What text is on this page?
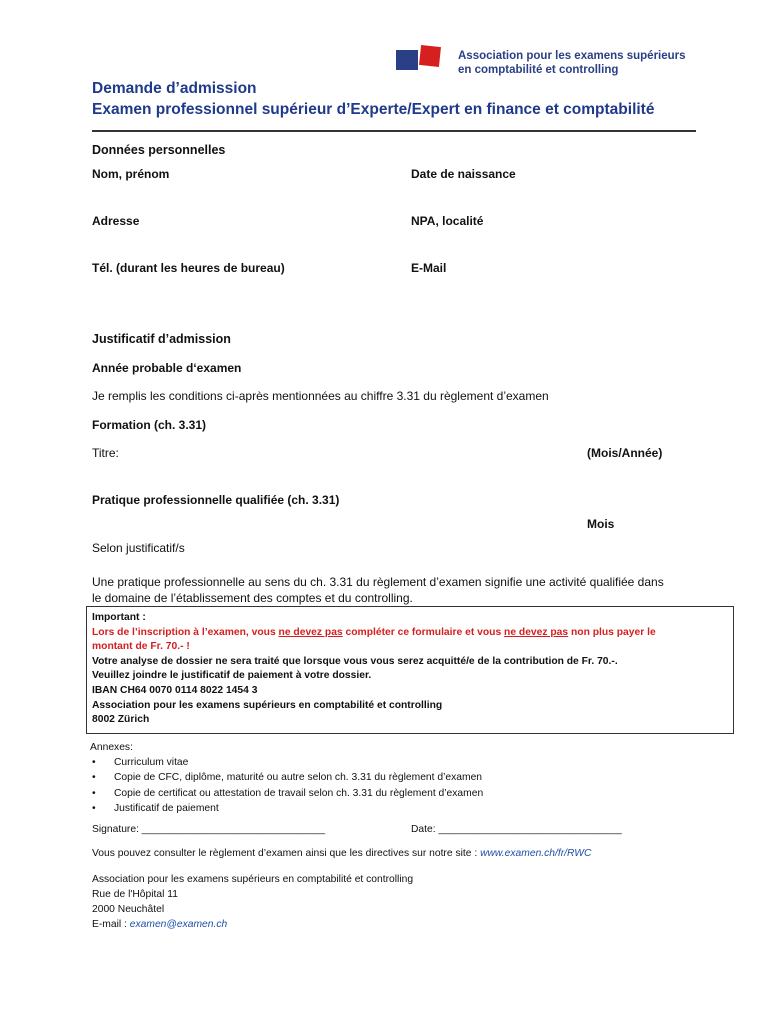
Association pour les examens supérieurs
en comptabilité et controlling
Demande d’admission
Examen professionnel supérieur d’Experte/Expert en finance et comptabilité
Données personnelles
Nom, prénom	Date de naissance
Adresse	NPA, localité
Tél. (durant les heures de bureau)	E-Mail
Justificatif d’admission
Année probable d‘examen
Je remplis les conditions ci-après mentionnées au chiffre 3.31 du règlement d’examen
Formation (ch. 3.31)
Titre:	(Mois/Année)
Pratique professionnelle qualifiée (ch. 3.31)
Mois
Selon justificatif/s
Une pratique professionnelle au sens du ch. 3.31 du règlement d’examen signifie une activité qualifiée dans
le domaine de l’établissement des comptes et du controlling.
Important :
Lors de l’inscription à l’examen, vous ne devez pas compléter ce formulaire et vous ne devez pas non plus payer le
montant de Fr. 70.- !
Votre analyse de dossier ne sera traité que lorsque vous vous serez acquitté/e de la contribution de Fr. 70.-.
Veuillez joindre le justificatif de paiement à votre dossier.
IBAN CH64 0070 0114 8022 1454 3
Association pour les examens supérieurs en comptabilité et controlling
8002 Zürich
Annexes:
• Curriculum vitae
• Copie de CFC, diplôme, maturité ou autre selon ch. 3.31 du règlement d’examen
• Copie de certificat ou attestation de travail selon ch. 3.31 du règlement d’examen
• Justificatif de paiement
Signature: ________________________________	Date: ________________________________
Vous pouvez consulter le règlement d’examen ainsi que les directives sur notre site : www.examen.ch/fr/RWC
Association pour les examens supérieurs en comptabilité et controlling
Rue de l'Hôpital 11
2000 Neuchâtel
E-mail : examen@examen.ch
